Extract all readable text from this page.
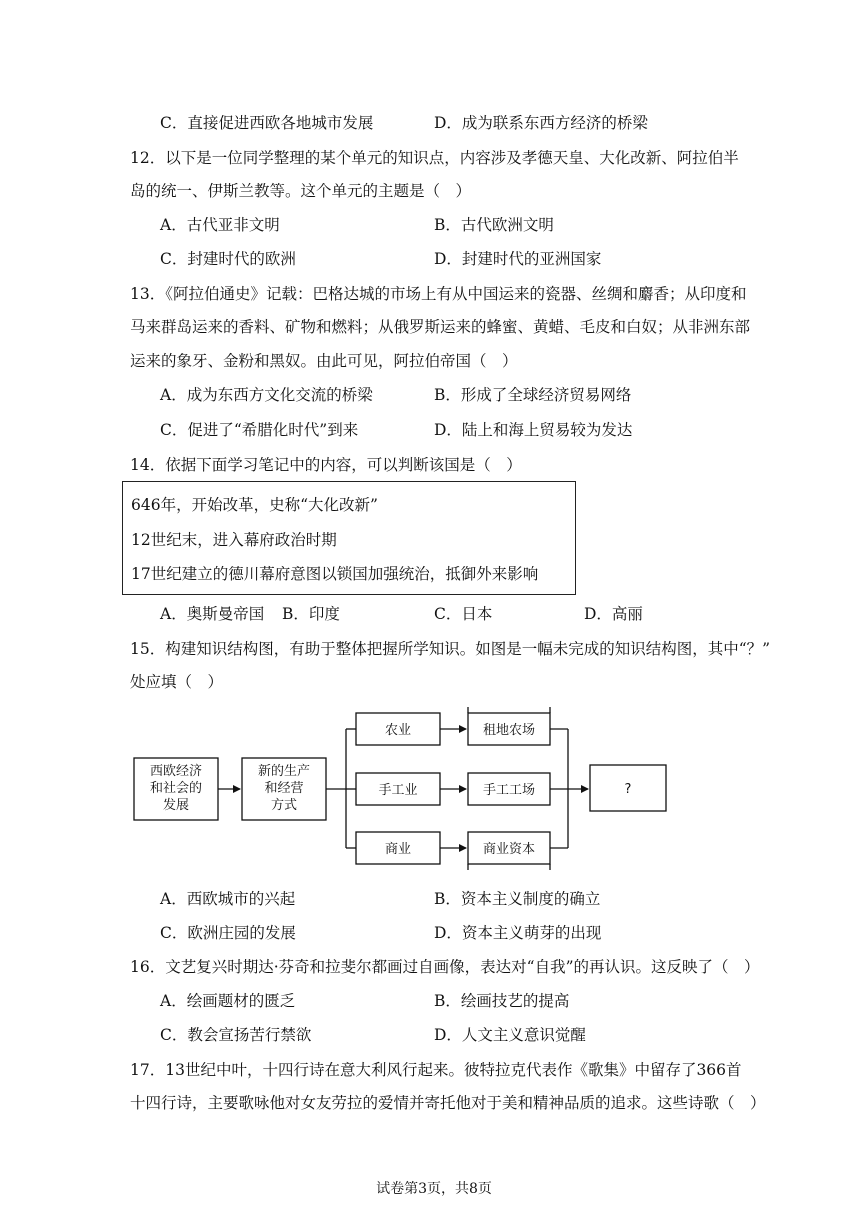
C．直接促进西欧各地城市发展	D．成为联系东西方经济的桥梁
12．以下是一位同学整理的某个单元的知识点，内容涉及孝德天皇、大化改新、阿拉伯半
岛的统一、伊斯兰教等。这个单元的主题是（　）
A．古代亚非文明	B．古代欧洲文明
C．封建时代的欧洲	D．封建时代的亚洲国家
13．《阿拉伯通史》记载：巴格达城的市场上有从中国运来的瓷器、丝绸和麝香；从印度和
马来群岛运来的香料、矿物和燃料；从俄罗斯运来的蜂蜜、黄蜡、毛皮和白奴；从非洲东部
运来的象牙、金粉和黑奴。由此可见，阿拉伯帝国（　）
A．成为东西方文化交流的桥梁	B．形成了全球经济贸易网络
C．促进了“希腊化时代”到来	D．陆上和海上贸易较为发达
14．依据下面学习笔记中的内容，可以判断该国是（　）
646年，开始改革，史称“大化改新”
12世纪末，进入幕府政治时期
17世纪建立的德川幕府意图以锁国加强统治，抵御外来影响
A．奥斯曼帝国 B．印度	C．日本	D．高丽
15．构建知识结构图，有助于整体把握所学知识。如图是一幅未完成的知识结构图，其中“？”
处应填（　）
西欧经济
和社会的
发展
新的生产
和经营
方式
农业
手工业
商业
租地农场
手工工场
商业资本
?
A．西欧城市的兴起	B．资本主义制度的确立
C．欧洲庄园的发展	D．资本主义萌芽的出现
16．文艺复兴时期达·芬奇和拉斐尔都画过自画像，表达对“自我”的再认识。这反映了（　）
A．绘画题材的匮乏	B．绘画技艺的提高
C．教会宣扬苦行禁欲	D．人文主义意识觉醒
17．13世纪中叶，十四行诗在意大利风行起来。彼特拉克代表作《歌集》中留存了366首
十四行诗，主要歌咏他对女友劳拉的爱情并寄托他对于美和精神品质的追求。这些诗歌（　）
试卷第3页，共8页
